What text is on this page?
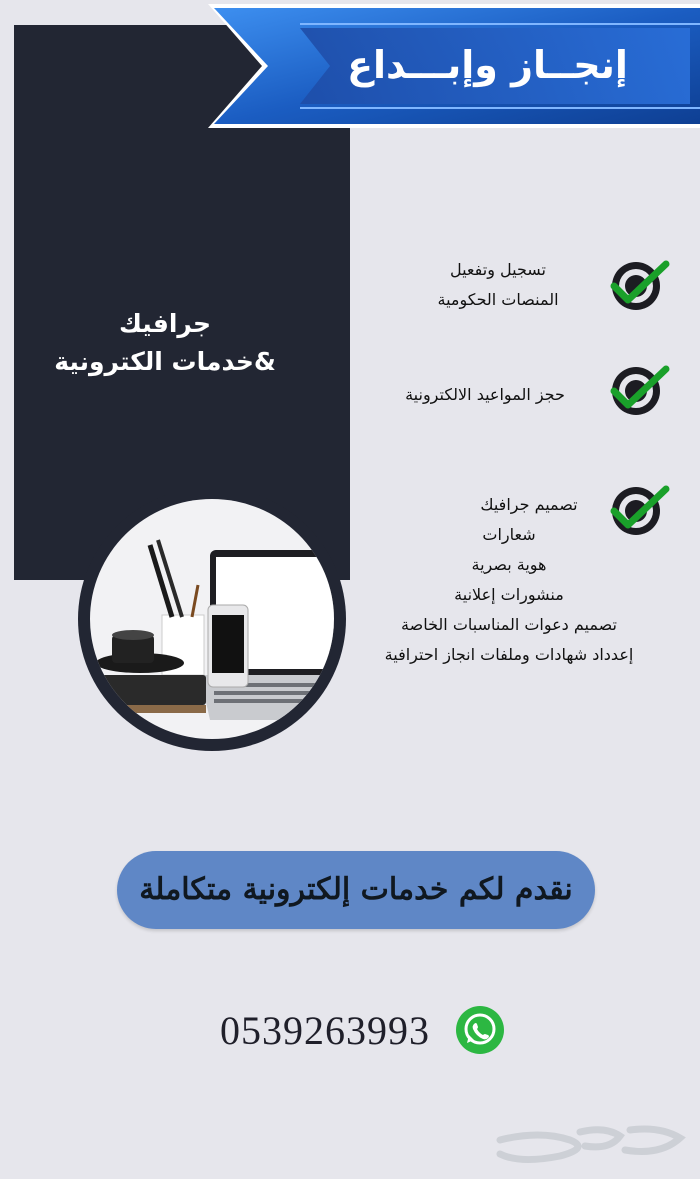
إنجــاز وإبـــداع
جرافيك
&خدمات الكترونية
تسجيل وتفعيل
المنصات الحكومية
حجز المواعيد الالكترونية
تصميم جرافيك
شعارات
هوية بصرية
منشورات إعلانية
تصميم دعوات المناسبات الخاصة
إعدداد شهادات وملفات انجاز احترافية
نقدم لكم خدمات إلكترونية متكاملة
0539263993
